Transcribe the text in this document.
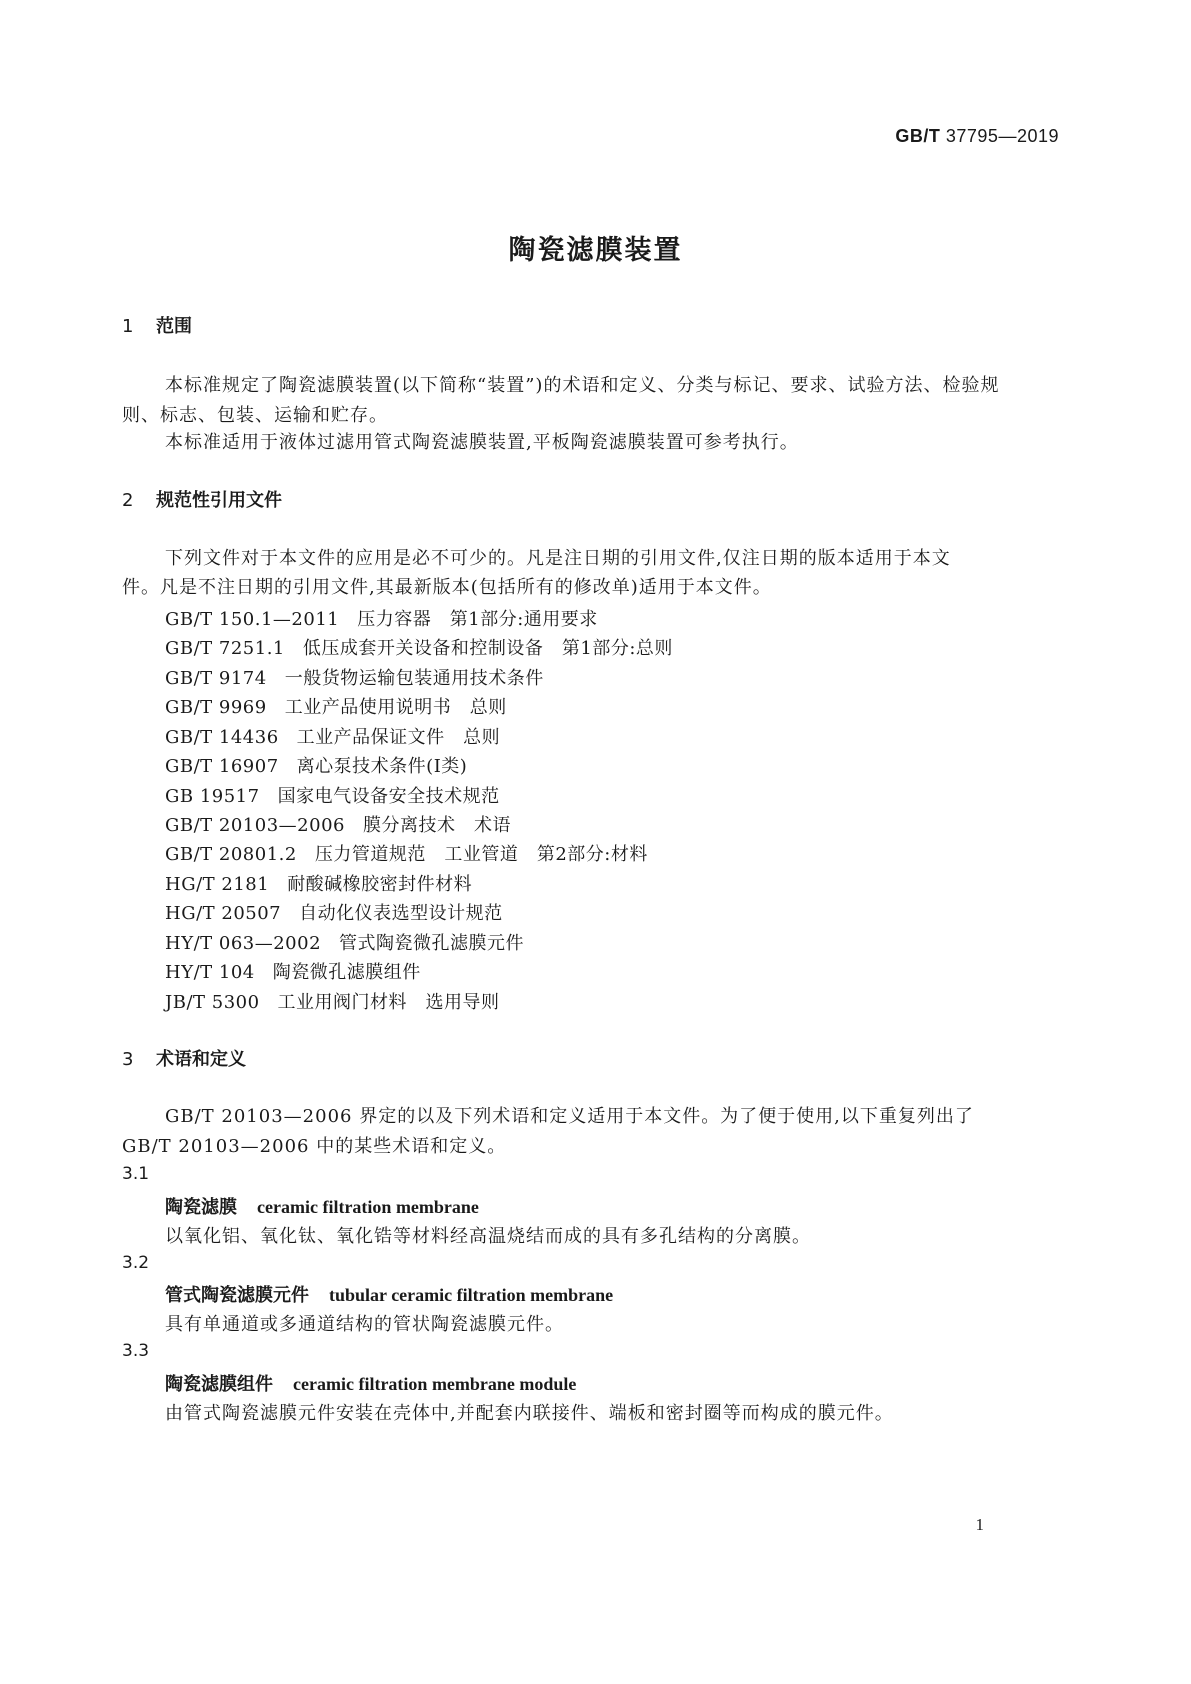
GB/T 37795—2019
陶瓷滤膜装置
1 范围
本标准规定了陶瓷滤膜装置(以下简称“装置”)的术语和定义、分类与标记、要求、试验方法、检验规
则、标志、包装、运输和贮存。
本标准适用于液体过滤用管式陶瓷滤膜装置,平板陶瓷滤膜装置可参考执行。
2 规范性引用文件
下列文件对于本文件的应用是必不可少的。凡是注日期的引用文件,仅注日期的版本适用于本文
件。凡是不注日期的引用文件,其最新版本(包括所有的修改单)适用于本文件。
GB/T 150.1—2011 压力容器　第1部分:通用要求
GB/T 7251.1 低压成套开关设备和控制设备　第1部分:总则
GB/T 9174 一般货物运输包装通用技术条件
GB/T 9969 工业产品使用说明书　总则
GB/T 14436 工业产品保证文件　总则
GB/T 16907 离心泵技术条件(Ⅰ类)
GB 19517 国家电气设备安全技术规范
GB/T 20103—2006 膜分离技术　术语
GB/T 20801.2 压力管道规范　工业管道　第2部分:材料
HG/T 2181 耐酸碱橡胶密封件材料
HG/T 20507 自动化仪表选型设计规范
HY/T 063—2002 管式陶瓷微孔滤膜元件
HY/T 104 陶瓷微孔滤膜组件
JB/T 5300 工业用阀门材料　选用导则
3 术语和定义
GB/T 20103—2006 界定的以及下列术语和定义适用于本文件。为了便于使用,以下重复列出了
GB/T 20103—2006 中的某些术语和定义。
3.1
陶瓷滤膜 ceramic filtration membrane
以氧化铝、氧化钛、氧化锆等材料经高温烧结而成的具有多孔结构的分离膜。
3.2
管式陶瓷滤膜元件 tubular ceramic filtration membrane
具有单通道或多通道结构的管状陶瓷滤膜元件。
3.3
陶瓷滤膜组件 ceramic filtration membrane module
由管式陶瓷滤膜元件安装在壳体中,并配套内联接件、端板和密封圈等而构成的膜元件。
1
